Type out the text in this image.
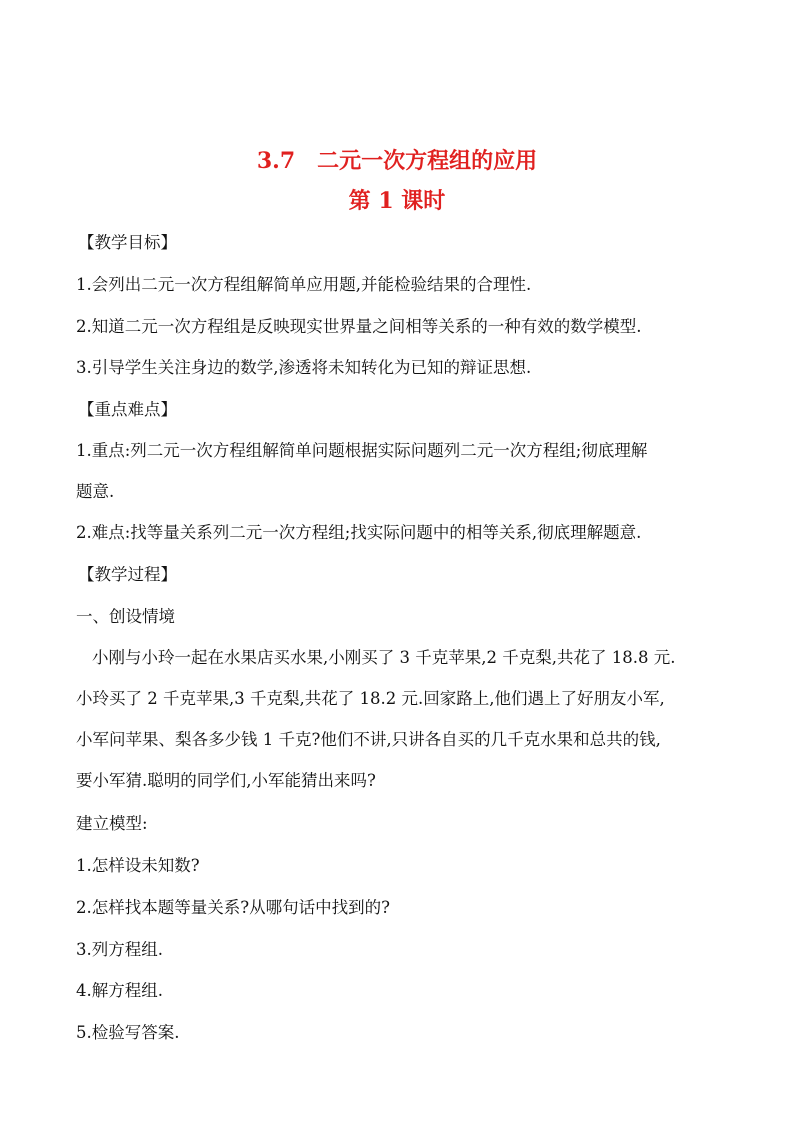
3.7　二元一次方程组的应用
第 1 课时
【教学目标】
1.会列出二元一次方程组解简单应用题,并能检验结果的合理性.
2.知道二元一次方程组是反映现实世界量之间相等关系的一种有效的数学模型.
3.引导学生关注身边的数学,渗透将未知转化为已知的辩证思想.
【重点难点】
1.重点:列二元一次方程组解简单问题根据实际问题列二元一次方程组;彻底理解
题意.
2.难点:找等量关系列二元一次方程组;找实际问题中的相等关系,彻底理解题意.
【教学过程】
一、创设情境
小刚与小玲一起在水果店买水果,小刚买了 3 千克苹果,2 千克梨,共花了 18.8 元.
小玲买了 2 千克苹果,3 千克梨,共花了 18.2 元.回家路上,他们遇上了好朋友小军,
小军问苹果、梨各多少钱 1 千克?他们不讲,只讲各自买的几千克水果和总共的钱,
要小军猜.聪明的同学们,小军能猜出来吗?
建立模型:
1.怎样设未知数?
2.怎样找本题等量关系?从哪句话中找到的?
3.列方程组.
4.解方程组.
5.检验写答案.
